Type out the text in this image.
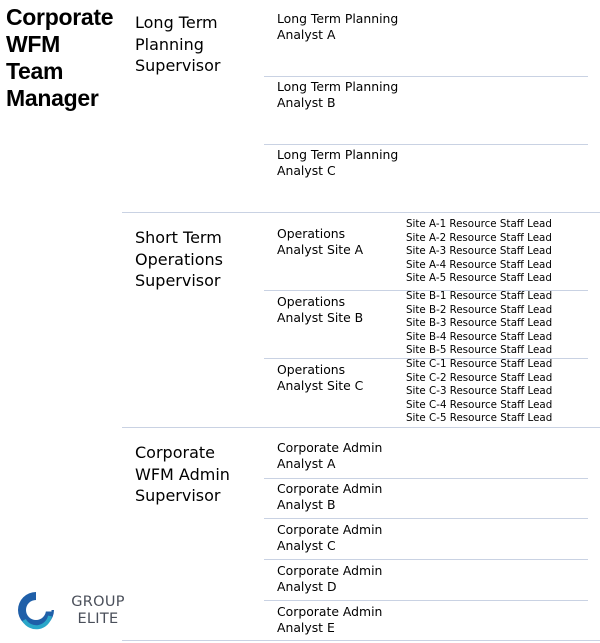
Corporate
WFM
Team
Manager
Long Term
Planning
Supervisor
Short Term
Operations
Supervisor
Corporate
WFM Admin
Supervisor
Long Term Planning
Analyst A
Long Term Planning
Analyst B
Long Term Planning
Analyst C
Operations
Analyst Site A
Operations
Analyst Site B
Operations
Analyst Site C
Site A-1 Resource Staff Lead
Site A-2 Resource Staff Lead
Site A-3 Resource Staff Lead
Site A-4 Resource Staff Lead
Site A-5 Resource Staff Lead
Site B-1 Resource Staff Lead
Site B-2 Resource Staff Lead
Site B-3 Resource Staff Lead
Site B-4 Resource Staff Lead
Site B-5 Resource Staff Lead
Site C-1 Resource Staff Lead
Site C-2 Resource Staff Lead
Site C-3 Resource Staff Lead
Site C-4 Resource Staff Lead
Site C-5 Resource Staff Lead
Corporate Admin
Analyst A
Corporate Admin
Analyst B
Corporate Admin
Analyst C
Corporate Admin
Analyst D
Corporate Admin
Analyst E
GROUP
ELITE
